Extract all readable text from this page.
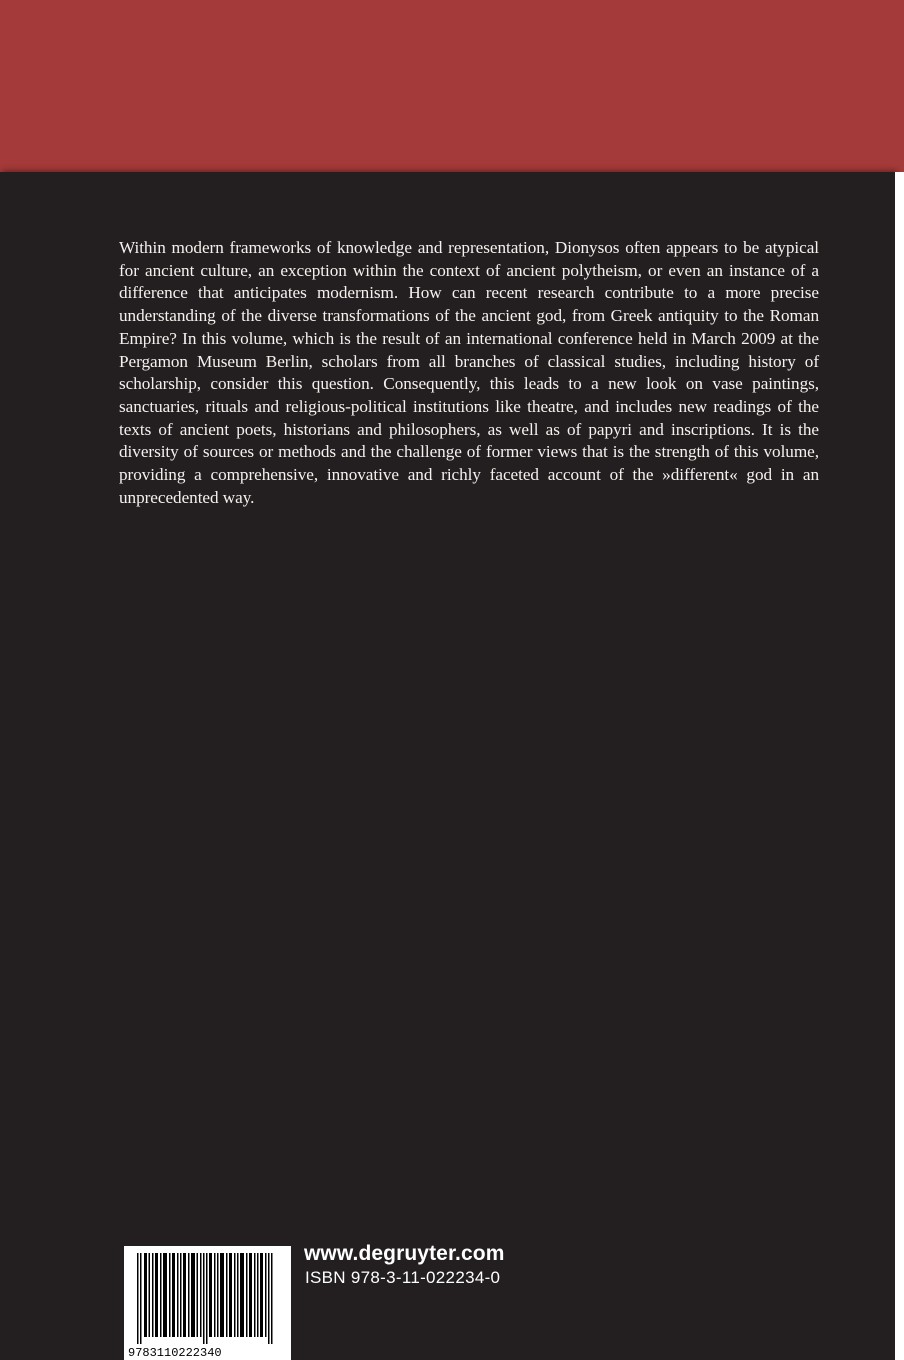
Within modern frameworks of knowledge and representation, Dionysos often appears to be atypical for ancient culture, an exception within the context of ancient polytheism, or even an instance of a difference that anticipates modernism. How can recent research contribute to a more precise understanding of the diverse transformations of the ancient god, from Greek antiquity to the Roman Empire? In this volume, which is the result of an international conference held in March 2009 at the Pergamon Museum Berlin, scholars from all branches of classical studies, including history of scholarship, consider this question. Consequently, this leads to a new look on vase paintings, sanctuaries, rituals and religious-political institutions like theatre, and includes new readings of the texts of ancient poets, historians and philosophers, as well as of papyri and inscriptions. It is the diversity of sources or methods and the challenge of former views that is the strength of this volume, providing a comprehensive, innovative and richly faceted account of the »different« god in an unprecedented way.

9783110222340
www.degruyter.com
ISBN 978-3-11-022234-0
